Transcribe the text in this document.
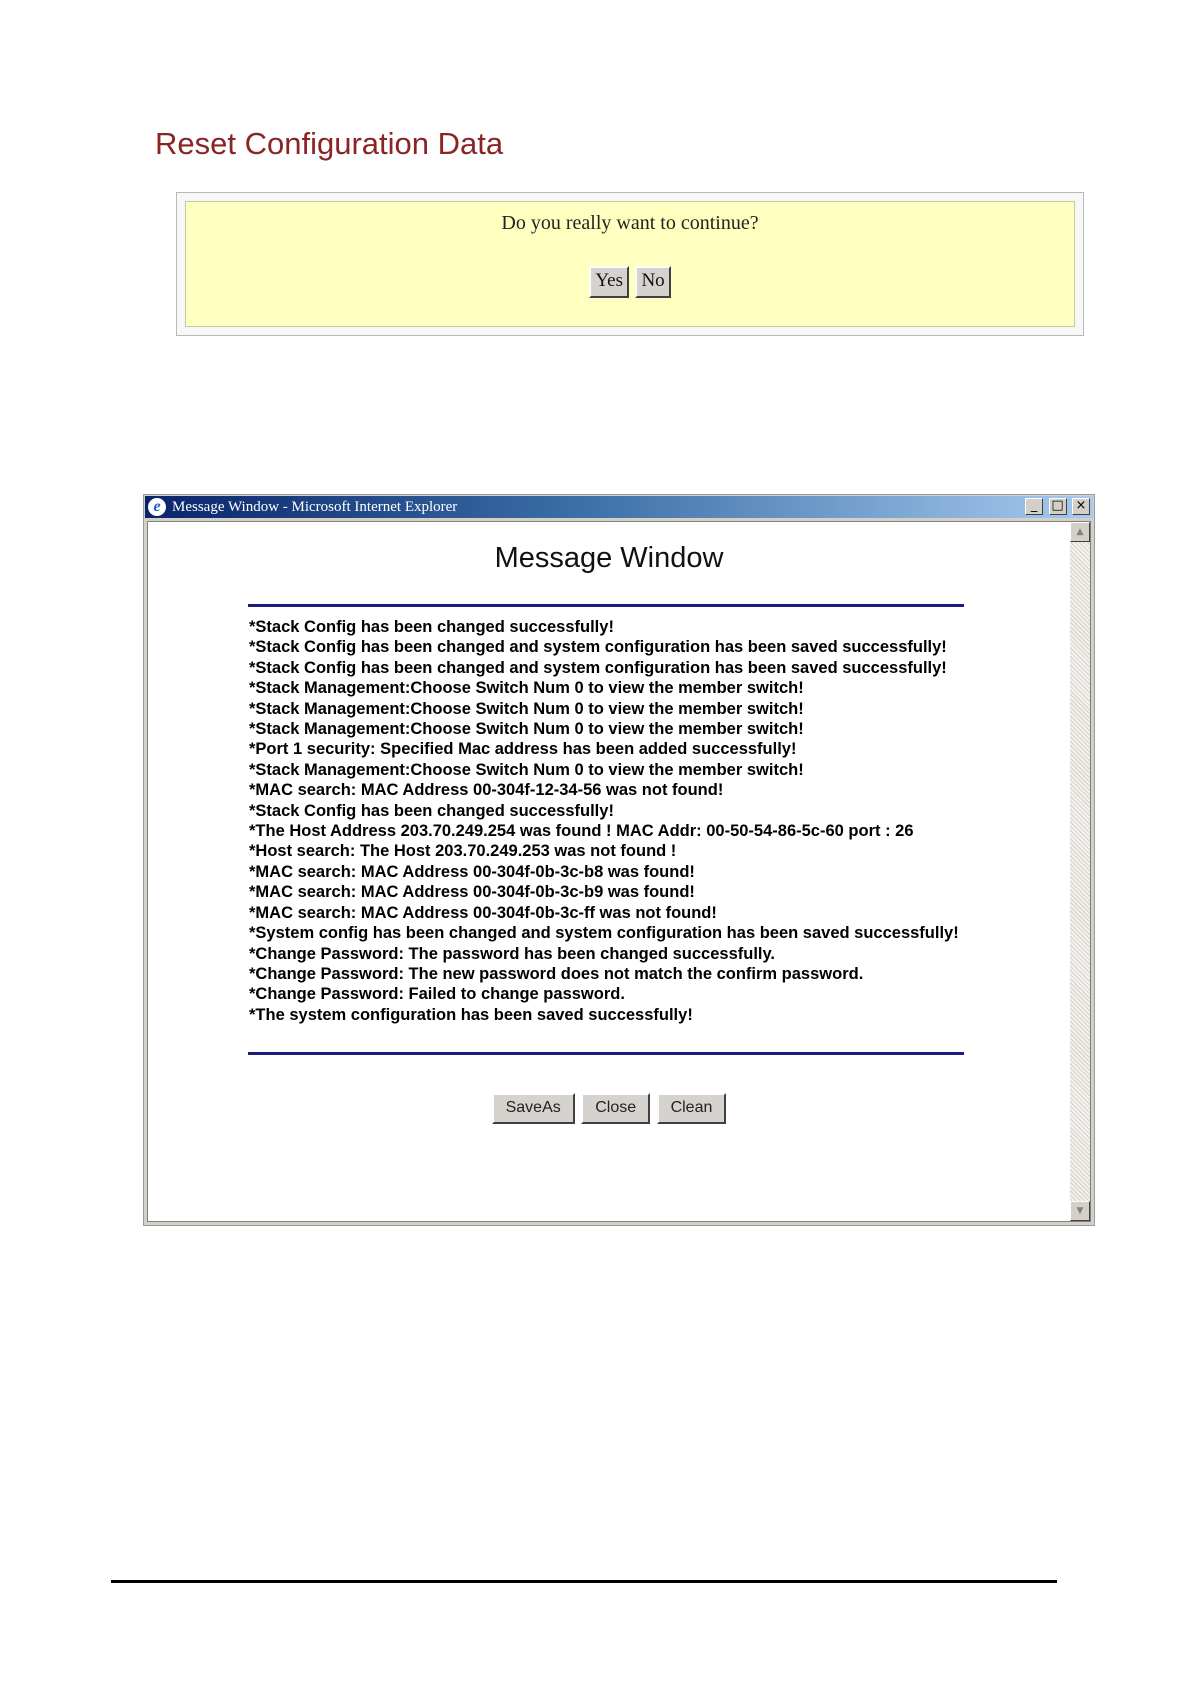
Reset Configuration Data
Do you really want to continue?
Yes No
e Message Window - Microsoft Internet Explorer	_ □ ×
Message Window
*Stack Config has been changed successfully!
*Stack Config has been changed and system configuration has been saved successfully!
*Stack Config has been changed and system configuration has been saved successfully!
*Stack Management:Choose Switch Num 0 to view the member switch!
*Stack Management:Choose Switch Num 0 to view the member switch!
*Stack Management:Choose Switch Num 0 to view the member switch!
*Port 1 security: Specified Mac address has been added successfully!
*Stack Management:Choose Switch Num 0 to view the member switch!
*MAC search: MAC Address 00-304f-12-34-56 was not found!
*Stack Config has been changed successfully!
*The Host Address 203.70.249.254 was found ! MAC Addr: 00-50-54-86-5c-60 port : 26
*Host search: The Host 203.70.249.253 was not found !
*MAC search: MAC Address 00-304f-0b-3c-b8 was found!
*MAC search: MAC Address 00-304f-0b-3c-b9 was found!
*MAC search: MAC Address 00-304f-0b-3c-ff was not found!
*System config has been changed and system configuration has been saved successfully!
*Change Password: The password has been changed successfully.
*Change Password: The new password does not match the confirm password.
*Change Password: Failed to change password.
*The system configuration has been saved successfully!
SaveAs Close Clean
▲
▼
